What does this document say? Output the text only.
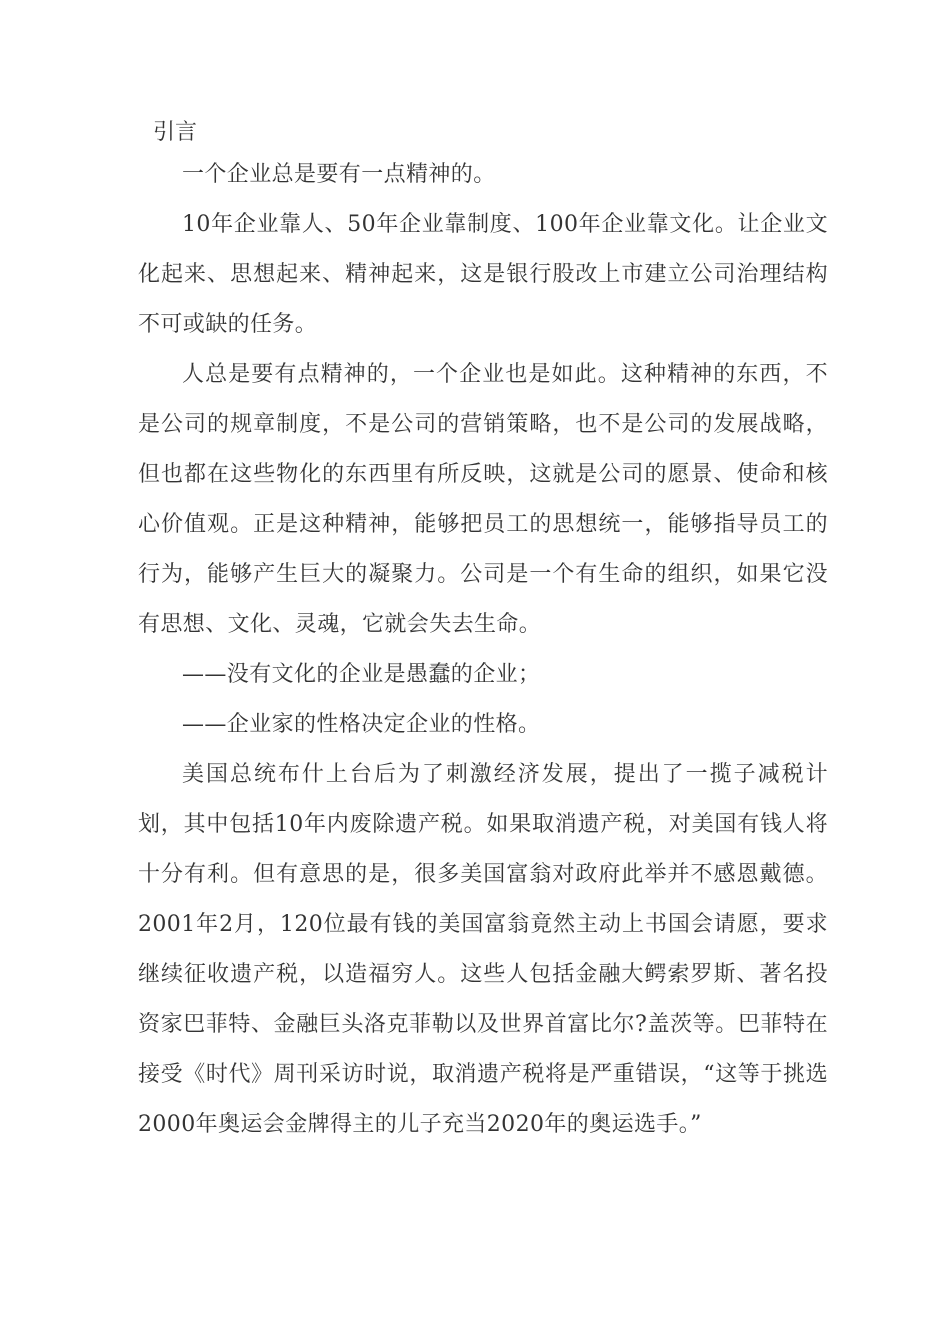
引言

一个企业总是要有一点精神的。

10年企业靠人、50年企业靠制度、100年企业靠文化。让企业文化起来、思想起来、精神起来，这是银行股改上市建立公司治理结构不可或缺的任务。

人总是要有点精神的，一个企业也是如此。这种精神的东西，不是公司的规章制度，不是公司的营销策略，也不是公司的发展战略，但也都在这些物化的东西里有所反映，这就是公司的愿景、使命和核心价值观。正是这种精神，能够把员工的思想统一，能够指导员工的行为，能够产生巨大的凝聚力。公司是一个有生命的组织，如果它没有思想、文化、灵魂，它就会失去生命。

——没有文化的企业是愚蠢的企业；

——企业家的性格决定企业的性格。

美国总统布什上台后为了刺激经济发展，提出了一揽子减税计划，其中包括10年内废除遗产税。如果取消遗产税，对美国有钱人将十分有利。但有意思的是，很多美国富翁对政府此举并不感恩戴德。2001年2月，120位最有钱的美国富翁竟然主动上书国会请愿，要求继续征收遗产税，以造福穷人。这些人包括金融大鳄索罗斯、著名投资家巴菲特、金融巨头洛克菲勒以及世界首富比尔?盖茨等。巴菲特在接受《时代》周刊采访时说，取消遗产税将是严重错误，“这等于挑选2000年奥运会金牌得主的儿子充当2020年的奥运选手。”
